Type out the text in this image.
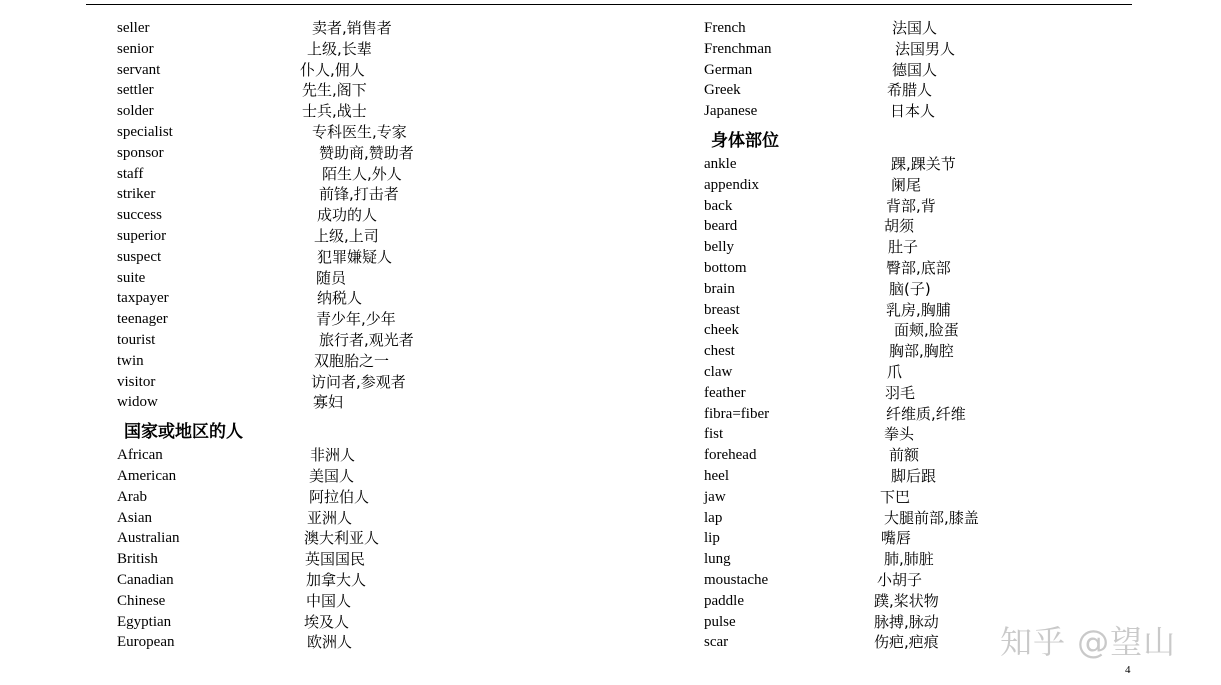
seller	卖者,销售者
senior	上级,长辈
servant	仆人,佣人
settler	先生,阁下
solder	士兵,战士
specialist	专科医生,专家
sponsor	赞助商,赞助者
staff	陌生人,外人
striker	前锋,打击者
success	成功的人
superior	上级,上司
suspect	犯罪嫌疑人
suite	随员
taxpayer	纳税人
teenager	青少年,少年
tourist	旅行者,观光者
twin	双胞胎之一
visitor	访问者,参观者
widow	寡妇
国家或地区的人
African	非洲人
American	美国人
Arab	阿拉伯人
Asian	亚洲人
Australian	澳大利亚人
British	英国国民
Canadian	加拿大人
Chinese	中国人
Egyptian	埃及人
European	欧洲人
French	法国人
Frenchman	法国男人
German	德国人
Greek	希腊人
Japanese	日本人
身体部位
ankle	踝,踝关节
appendix	阑尾
back	背部,背
beard	胡须
belly	肚子
bottom	臀部,底部
brain	脑(子)
breast	乳房,胸脯
cheek	面颊,脸蛋
chest	胸部,胸腔
claw	爪
feather	羽毛
fibra=fiber	纤维质,纤维
fist	拳头
forehead	前额
heel	脚后跟
jaw	下巴
lap	大腿前部,膝盖
lip	嘴唇
lung	肺,肺脏
moustache	小胡子
paddle	蹼,桨状物
pulse	脉搏,脉动
scar	伤疤,疤痕
4
知乎 @望山
